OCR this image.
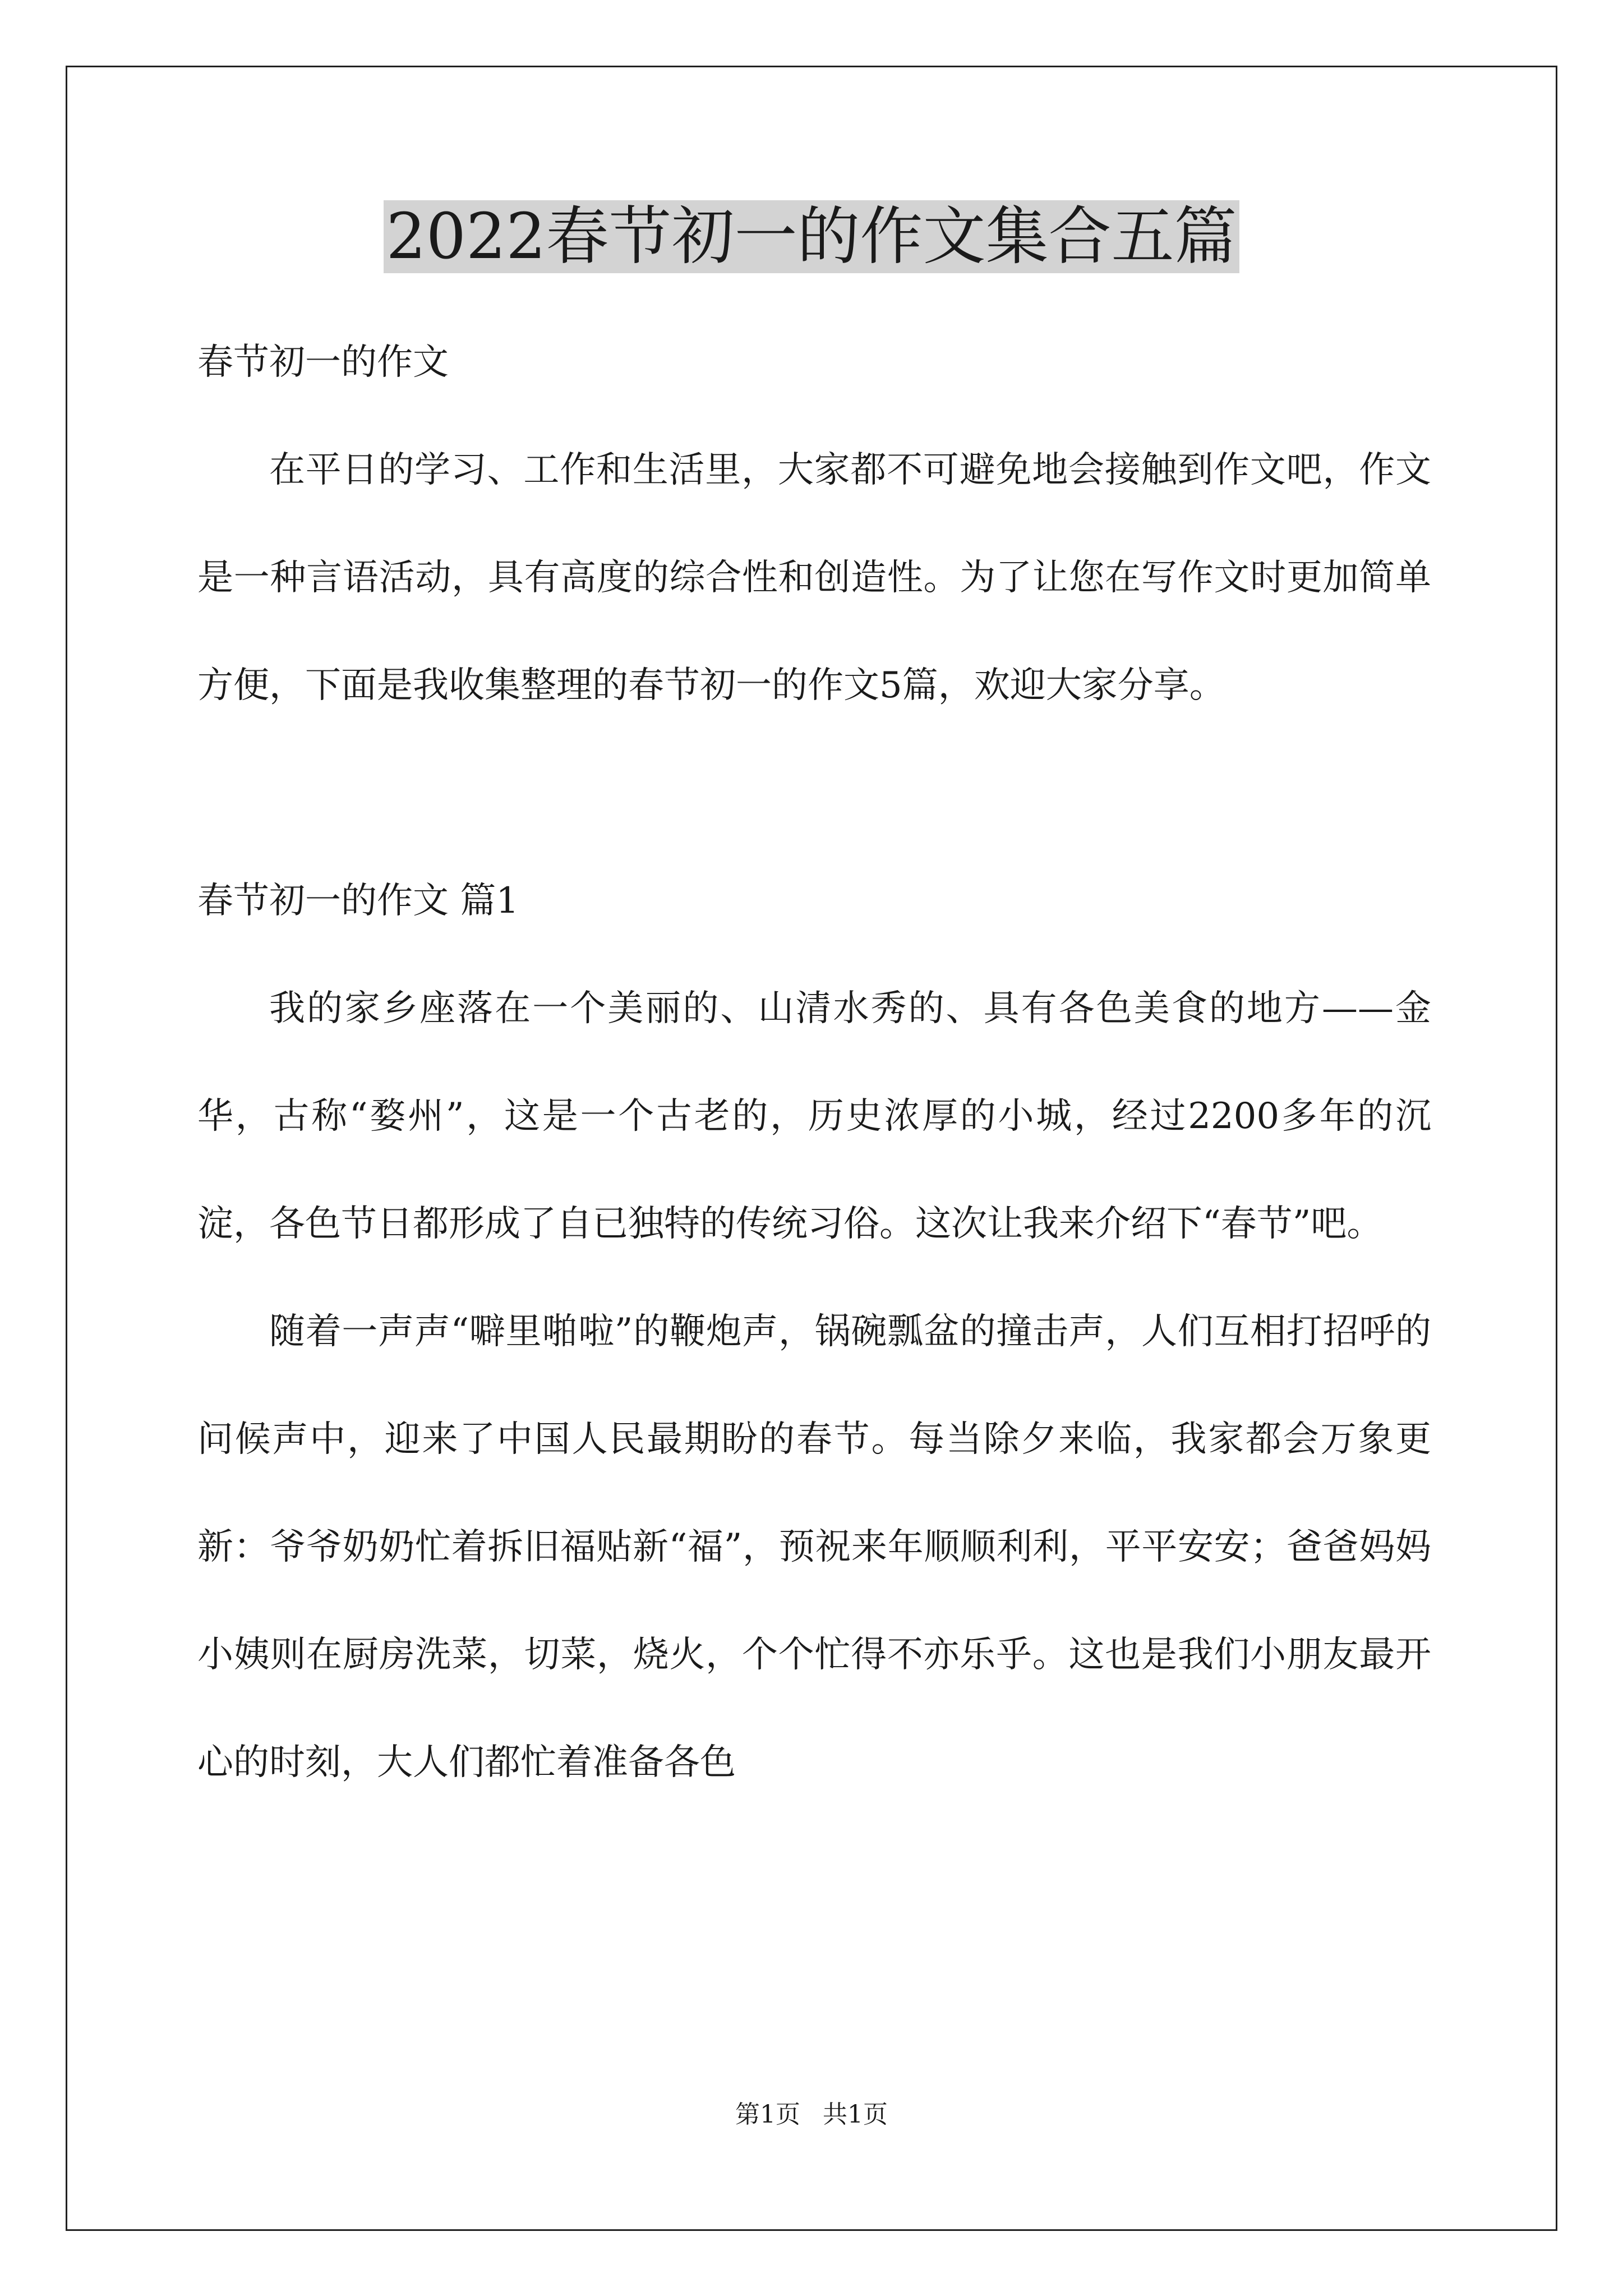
2022春节初一的作文集合五篇

春节初一的作文

在平日的学习、工作和生活里，大家都不可避免地会接触到作文吧，作文是一种言语活动，具有高度的综合性和创造性。为了让您在写作文时更加简单方便，下面是我收集整理的春节初一的作文5篇，欢迎大家分享。

春节初一的作文 篇1

我的家乡座落在一个美丽的、山清水秀的、具有各色美食的地方——金华，古称“婺州”，这是一个古老的，历史浓厚的小城，经过2200多年的沉淀，各色节日都形成了自已独特的传统习俗。这次让我来介绍下“春节”吧。

随着一声声“噼里啪啦”的鞭炮声，锅碗瓢盆的撞击声，人们互相打招呼的问候声中，迎来了中国人民最期盼的春节。每当除夕来临，我家都会万象更新：爷爷奶奶忙着拆旧福贴新“福”，预祝来年顺顺利利，平平安安；爸爸妈妈小姨则在厨房洗菜，切菜，烧火，个个忙得不亦乐乎。这也是我们小朋友最开心的时刻，大人们都忙着准备各色

第1页 共1页
